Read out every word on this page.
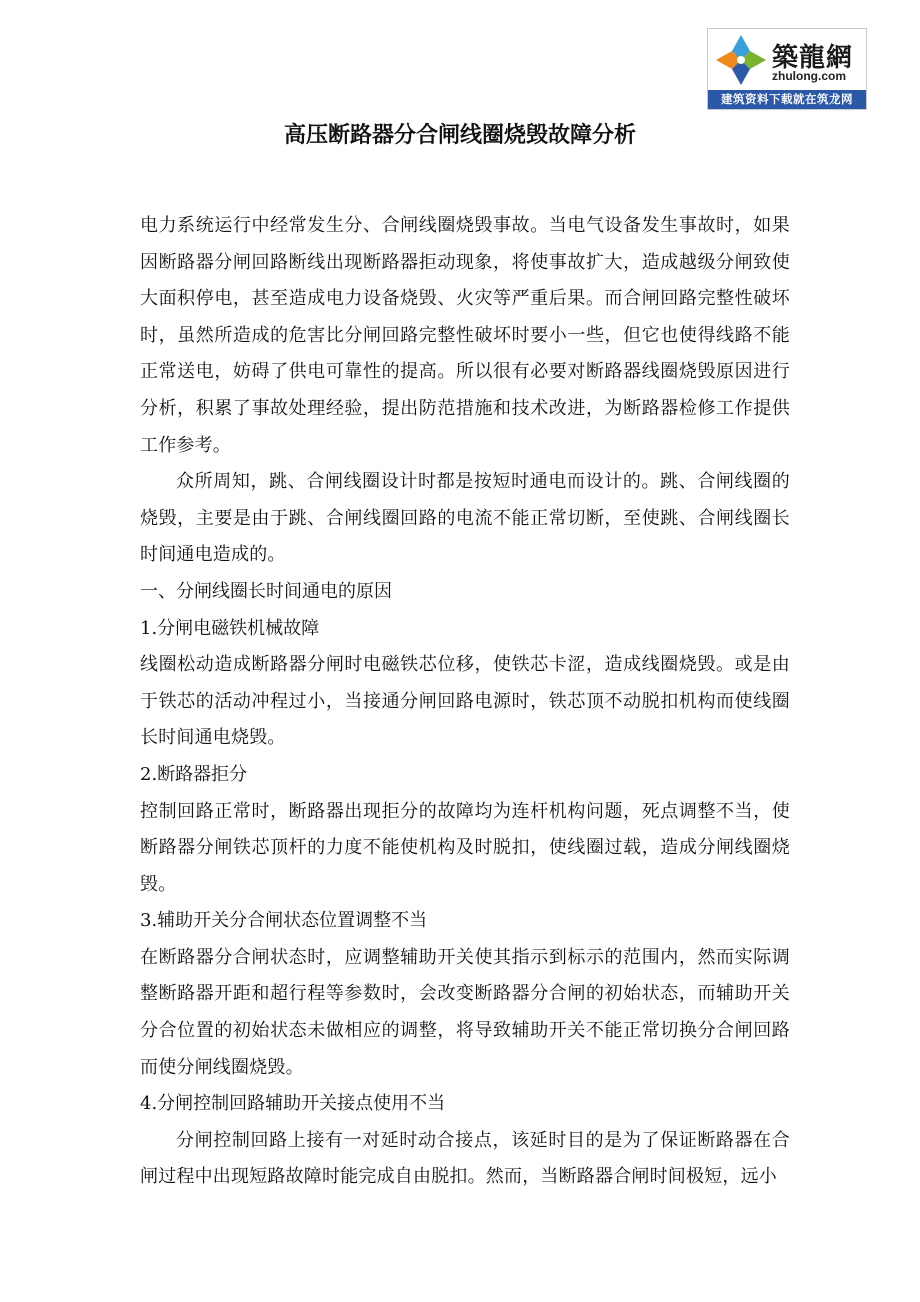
築龍網
zhulong.com
建筑资料下载就在筑龙网
高压断路器分合闸线圈烧毁故障分析

电力系统运行中经常发生分、合闸线圈烧毁事故。当电气设备发生事故时，如果因断路器分闸回路断线出现断路器拒动现象，将使事故扩大，造成越级分闸致使大面积停电，甚至造成电力设备烧毁、火灾等严重后果。而合闸回路完整性破坏时，虽然所造成的危害比分闸回路完整性破坏时要小一些，但它也使得线路不能正常送电，妨碍了供电可靠性的提高。所以很有必要对断路器线圈烧毁原因进行分析，积累了事故处理经验，提出防范措施和技术改进，为断路器检修工作提供工作参考。

众所周知，跳、合闸线圈设计时都是按短时通电而设计的。跳、合闸线圈的烧毁，主要是由于跳、合闸线圈回路的电流不能正常切断，至使跳、合闸线圈长时间通电造成的。

一、分闸线圈长时间通电的原因

1.分闸电磁铁机械故障

线圈松动造成断路器分闸时电磁铁芯位移，使铁芯卡涩，造成线圈烧毁。或是由于铁芯的活动冲程过小，当接通分闸回路电源时，铁芯顶不动脱扣机构而使线圈长时间通电烧毁。

2.断路器拒分

控制回路正常时，断路器出现拒分的故障均为连杆机构问题，死点调整不当，使断路器分闸铁芯顶杆的力度不能使机构及时脱扣，使线圈过载，造成分闸线圈烧毁。

3.辅助开关分合闸状态位置调整不当

在断路器分合闸状态时，应调整辅助开关使其指示到标示的范围内，然而实际调整断路器开距和超行程等参数时，会改变断路器分合闸的初始状态，而辅助开关分合位置的初始状态未做相应的调整，将导致辅助开关不能正常切换分合闸回路而使分闸线圈烧毁。

4.分闸控制回路辅助开关接点使用不当

分闸控制回路上接有一对延时动合接点，该延时目的是为了保证断路器在合闸过程中出现短路故障时能完成自由脱扣。然而，当断路器合闸时间极短，远小
